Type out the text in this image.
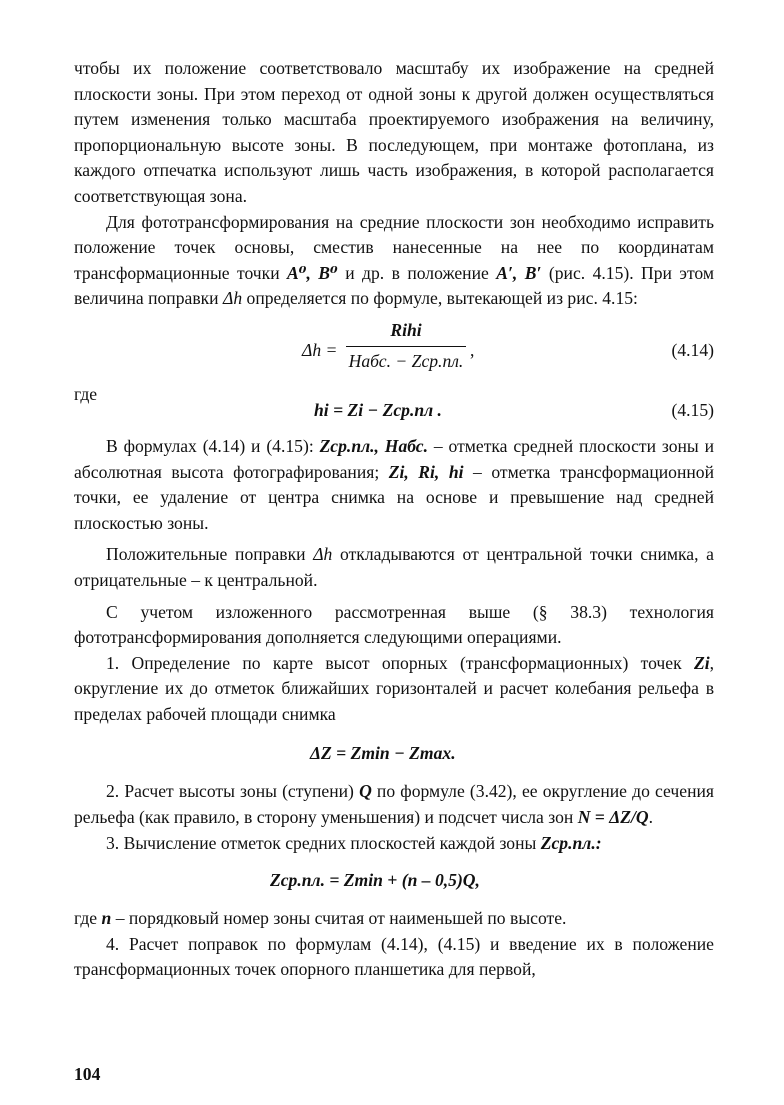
чтобы их положение соответствовало масштабу их изображение на средней плоскости зоны. При этом переход от одной зоны к другой должен осуществляться путем изменения только масштаба проектируемого изображения на величину, пропорциональную высоте зоны. В последующем, при монтаже фотоплана, из каждого отпечатка используют лишь часть изображения, в которой располагается соответствующая зона.

Для фототрансформирования на средние плоскости зон необходимо исправить положение точек основы, сместив нанесенные на нее по координатам трансформационные точки A⁰, B⁰ и др. в положение A′, B′ (рис. 4.15). При этом величина поправки Δh определяется по формуле, вытекающей из рис. 4.15:

Δh =
Rihi
Hабс. − Zср.пл.
,	(4.14)
где
hi = Zi − Zср.пл .	(4.15)

В формулах (4.14) и (4.15): Zср.пл., Hабс. – отметка средней плоскости зоны и абсолютная высота фотографирования; Zi, Ri, hi – отметка трансформационной точки, ее удаление от центра снимка на основе и превышение над средней плоскостью зоны.

Положительные поправки Δh откладываются от центральной точки снимка, а отрицательные – к центральной.

С учетом изложенного рассмотренная выше (§ 38.3) технология фототрансформирования дополняется следующими операциями.

1. Определение по карте высот опорных (трансформационных) точек Zi, округление их до отметок ближайших горизонталей и расчет колебания рельефа в пределах рабочей площади снимка

ΔZ = Zmin − Zmax.

2. Расчет высоты зоны (ступени) Q по формуле (3.42), ее округление до сечения рельефа (как правило, в сторону уменьшения) и подсчет числа зон N = ΔZ/Q.

3. Вычисление отметок средних плоскостей каждой зоны Zср.пл.:

Zср.пл. = Zmin + (n – 0,5)Q,

где n – порядковый номер зоны считая от наименьшей по высоте.

4. Расчет поправок по формулам (4.14), (4.15) и введение их в положение трансформационных точек опорного планшетика для первой,

104
